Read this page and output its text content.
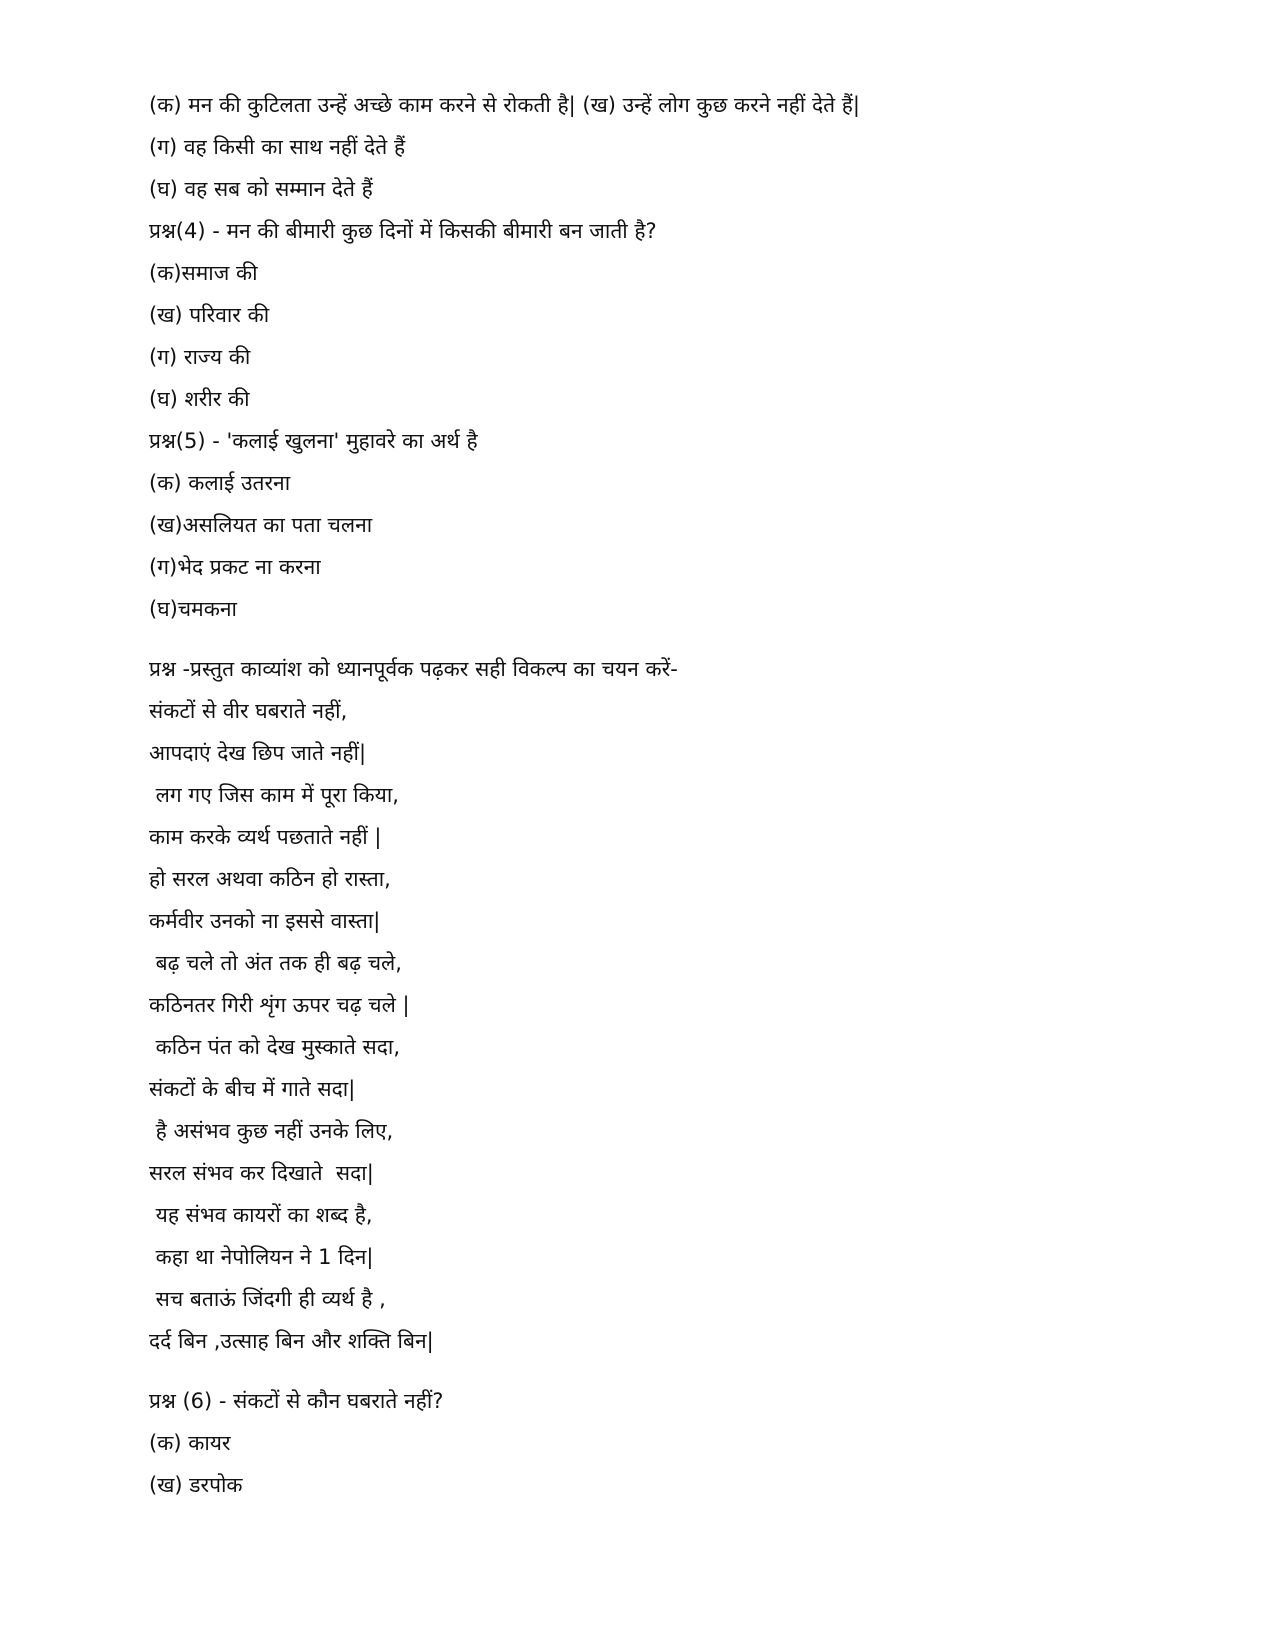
(क) मन की कुटिलता उन्हें अच्छे काम करने से रोकती है| (ख) उन्हें लोग कुछ करने नहीं देते हैं|
(ग) वह किसी का साथ नहीं देते हैं
(घ) वह सब को सम्मान देते हैं
प्रश्न(4) - मन की बीमारी कुछ दिनों में किसकी बीमारी बन जाती है?
(क)समाज की
(ख) परिवार की
(ग) राज्य की
(घ) शरीर की
प्रश्न(5) - 'कलाई खुलना' मुहावरे का अर्थ है
(क) कलाई उतरना
(ख)असलियत का पता चलना
(ग)भेद प्रकट ना करना
(घ)चमकना
प्रश्न -प्रस्तुत काव्यांश को ध्यानपूर्वक पढ़कर सही विकल्प का चयन करें-
संकटों से वीर घबराते नहीं,
आपदाएं देख छिप जाते नहीं|
लग गए जिस काम में पूरा किया,
काम करके व्यर्थ पछताते नहीं |
हो सरल अथवा कठिन हो रास्ता,
कर्मवीर उनको ना इससे वास्ता|
बढ़ चले तो अंत तक ही बढ़ चले,
कठिनतर गिरी शृंग ऊपर चढ़ चले |
कठिन पंत को देख मुस्काते सदा,
संकटों के बीच में गाते सदा|
है असंभव कुछ नहीं उनके लिए,
सरल संभव कर दिखाते  सदा|
यह संभव कायरों का शब्द है,
कहा था नेपोलियन ने 1 दिन|
सच बताऊं जिंदगी ही व्यर्थ है ,
दर्द बिन ,उत्साह बिन और शक्ति बिन|
प्रश्न (6) - संकटों से कौन घबराते नहीं?
(क) कायर
(ख) डरपोक
